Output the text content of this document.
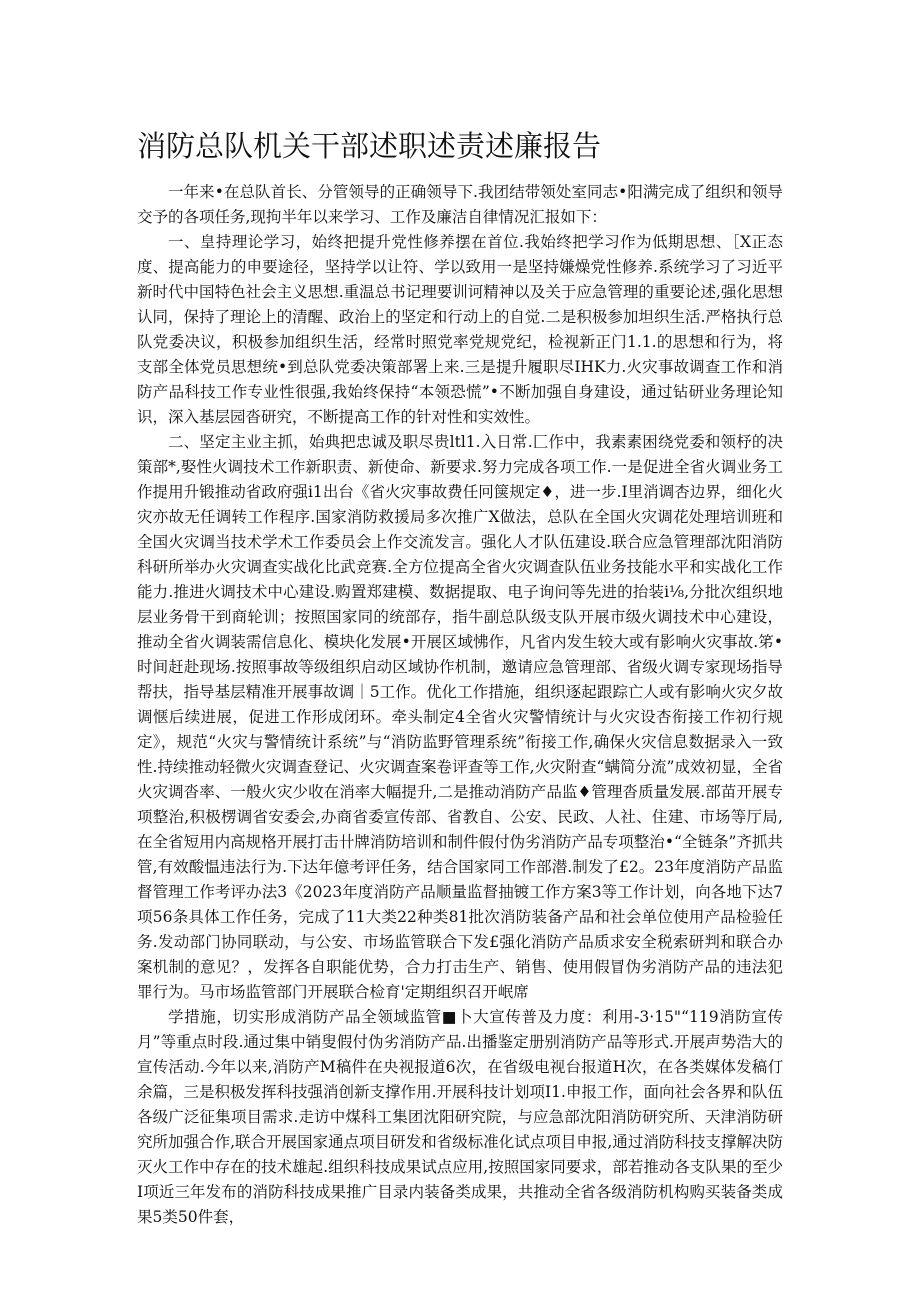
消防总队机关干部述职述责述廉报告

一年来•在总队首长、分管领导的正确领导下.我团结带领处室同志•阳满完成了组织和领导交予的各项任务,现拘半年以来学习、工作及廉洁自律情况汇报如下：

一、皇持理论学习，始终把提升党性修养摆在首位.我始终把学习作为低期思想、［X正态度、提高能力的申要途径，坚持学以让符、学以致用一是坚持嫌燥党性修养.系统学习了习近平新时代中国特色社会主义思想.重温总书记理要训诃精神以及关于应急管理的重要论述,强化思想认同，保持了理论上的清醒、政治上的坚定和行动上的自觉.二是积极参加坦织生活.严格执行总队党委决议，积极参加组织生活，经常时照党率党规党纪，检视新正门1.1.的思想和行为，将支部全体党员思想统•到总队党委决策部署上来.三是提升履职尽IHK力.火灾事故调查工作和消防产品科技工作专业性很强,我始终保持“本领恐慌”•不断加强自身建设，通过钻研业务理论知识，深入基层园沓研究，不断提高工作的针对性和实效性。

二、坚定主业主抓，始典把忠诚及职尽贵ltl1.入日常.匚作中，我素素困绕党委和领杼的决策部*,娶性火调技术工作新职责、新使命、新要求.努力完成各项工作.一是促进全省火调业务工作提用升锻推动省政府强i1出台《省火灾事故费任冋箧规定♦，进一步.I里消调杏边界，细化火灾亦故无任调转工作程序.国家消防救援局多次推广X做法，总队在全国火灾调花处理培训班和全国火灾调当技术学术工作委员会上作交流发言。强化人才队伍建设.联合应急管理部沈阳消防科研所举办火灾调查实战化比武竞赛.全方位提高全省火灾调查队伍业务技能水平和实战化工作能力.推进火调技术中心建设.购置郑建模、数据提取、电子询问等先进的抬装i⅛,分批次组织地层业务骨干到商轮训；按照国家同的统部存，指牛副总队级支队开展市级火调技术中心建设，推动全省火调装需信息化、模块化发展•开展区域怫作，凡省内发生较大或有影响火灾事故.笫•时间赶赴现场.按照事故等级组织启动区域协作机制，邀请应急管理部、省级火调专家现场指导帮扶，指导基层精准开展事故调｜5工作。优化工作措施，组织逐起跟踪亡人或有影响火灾夕故调惬后续进展，促进工作形成闭环。牵头制定4全省火灾警情统计与火灾设杏衔接工作初行规定》，规范“火灾与警情统计系统”与“消防监野管理系统”衔接工作,确保火灾信息数据录入一致性.持续推动轻微火灾调查登记、火灾调查案卷评查等工作,火灾附查“螨简分流”成效初显，全省火灾调沓率、一般火灾少收在消率大幅提升,二是推动消防产品监♦管理沓质量发展.部苗开展专项整治,积极楞调省安委会,办商省委宣传部、省教自、公安、民政、人社、住建、市场等厅局,在全省短用内高规格开展打击卄牌消防培训和制件假付伪劣消防产品专项整治•“全链条”齐抓共管,有效酸愠违法行为.下达年億考评任务，结合国家同工作部潜.制发了£2。23年度消防产品监督管理工作考评办法3《2023年度消防产品顺量监督抽镀工作方案3等工作计划，向各地下达7项56条具体工作任务，完成了11大类22种类81批次消防装备产品和社会单位使用产品检验任务.发动部门协同联动，与公安、市场监管联合下发£强化消防产品质求安全税索研判和联合办案机制的意见？，发挥各自职能优势，合力打击生产、销售、使用假冒伪劣消防产品的违法犯罪行为。马市场监管部门开展联合检育'定期组织召开岷席

学措施，切实形成消防产品全领域监管■卜大宣传普及力度：利用-3·15"“119消防宣传月”等重点时段.通过集中销叟假付伪劣消防产品.出播鉴定册别消防产品等形式.开展声势浩大的宣传活动.今年以来,消防产M稿件在央视报道6次，在省级电视台报道H次，在各类媒体发稿仃余篇，三是积极发挥科技强消创新支撑作用.开展科技计划项I1.申报工作，面向社会各界和队伍各级广泛征集项目需求.走访中煤科工集团沈阳研究院，与应急部沈阳消防研究所、天津消防研究所加强合作,联合开展国家通点项目研发和省级标准化试点项目申报,通过消防科技支撑解决防灭火工作中存在的技术雄起.组织科技成果试点应用,按照国家同要求，部若推动各支队果的至少I项近三年发布的消防科技成果推广目录内装备类成果，共推动全省各级消防机构购买装备类成果5类50件套，
